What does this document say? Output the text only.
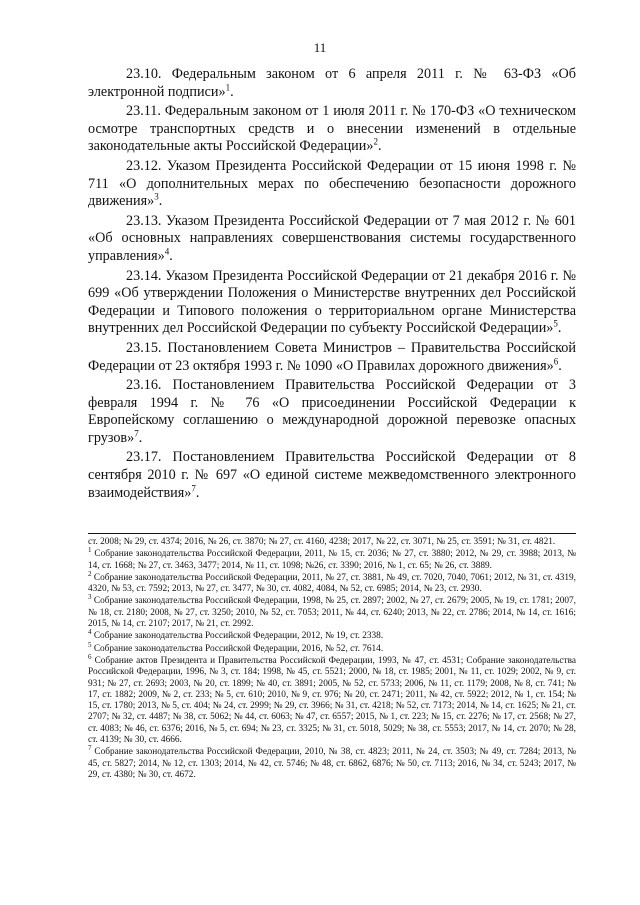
11

23.10. Федеральным законом от 6 апреля 2011 г. № 63-ФЗ «Об электронной подписи»$^1$.

23.11. Федеральным законом от 1 июля 2011 г. № 170-ФЗ «О техническом осмотре транспортных средств и о внесении изменений в отдельные законодательные акты Российской Федерации»$^2$.

23.12. Указом Президента Российской Федерации от 15 июня 1998 г. № 711 «О дополнительных мерах по обеспечению безопасности дорожного движения»$^3$.

23.13. Указом Президента Российской Федерации от 7 мая 2012 г. № 601 «Об основных направлениях совершенствования системы государственного управления»$^4$.

23.14. Указом Президента Российской Федерации от 21 декабря 2016 г. № 699 «Об утверждении Положения о Министерстве внутренних дел Российской Федерации и Типового положения о территориальном органе Министерства внутренних дел Российской Федерации по субъекту Российской Федерации»$^5$.

23.15. Постановлением Совета Министров – Правительства Российской Федерации от 23 октября 1993 г. № 1090 «О Правилах дорожного движения»$^6$.

23.16. Постановлением Правительства Российской Федерации от 3 февраля 1994 г. № 76 «О присоединении Российской Федерации к Европейскому соглашению о международной дорожной перевозке опасных грузов»$^7$.

23.17. Постановлением Правительства Российской Федерации от 8 сентября 2010 г. № 697 «О единой системе межведомственного электронного взаимодействия»$^7$.

ст. 2008; № 29, ст. 4374; 2016, № 26, ст. 3870; № 27, ст. 4160, 4238; 2017, № 22, ст. 3071, № 25, ст. 3591; № 31, ст. 4821.

$^1$ Собрание законодательства Российской Федерации, 2011, № 15, ст. 2036; № 27, ст. 3880; 2012, № 29, ст. 3988; 2013, № 14, ст. 1668; № 27, ст. 3463, 3477; 2014, № 11, ст. 1098; №26, ст. 3390; 2016, № 1, ст. 65; № 26, ст. 3889.

$^2$ Собрание законодательства Российской Федерации, 2011, № 27, ст. 3881, № 49, ст. 7020, 7040, 7061; 2012, № 31, ст. 4319, 4320, № 53, ст. 7592; 2013, № 27, ст. 3477, № 30, ст. 4082, 4084, № 52, ст. 6985; 2014, № 23, ст. 2930.

$^3$ Собрание законодательства Российской Федерации, 1998, № 25, ст. 2897; 2002, № 27, ст. 2679; 2005, № 19, ст. 1781; 2007, № 18, ст. 2180; 2008, № 27, ст. 3250; 2010, № 52, ст. 7053; 2011, № 44, ст. 6240; 2013, № 22, ст. 2786; 2014, № 14, ст. 1616; 2015, № 14, ст. 2107; 2017, № 21, ст. 2992.

$^4$ Собрание законодательства Российской Федерации, 2012, № 19, ст. 2338.

$^5$ Собрание законодательства Российской Федерации, 2016, № 52, ст. 7614.

$^6$ Собрание актов Президента и Правительства Российской Федерации, 1993, № 47, ст. 4531; Собрание законодательства Российской Федерации, 1996, № 3, ст. 184; 1998, № 45, ст. 5521; 2000, № 18, ст. 1985; 2001, № 11, ст. 1029; 2002, № 9, ст. 931; № 27, ст. 2693; 2003, № 20, ст. 1899; № 40, ст. 3891; 2005, № 52, ст. 5733; 2006, № 11, ст. 1179; 2008, № 8, ст. 741; № 17, ст. 1882; 2009, № 2, ст. 233; № 5, ст. 610; 2010, № 9, ст. 976; № 20, ст. 2471; 2011, № 42, ст. 5922; 2012, № 1, ст. 154; № 15, ст. 1780; 2013, № 5, ст. 404; № 24, ст. 2999; № 29, ст. 3966; № 31, ст. 4218; № 52, ст. 7173; 2014, № 14, ст. 1625; № 21, ст. 2707; № 32, ст. 4487; № 38, ст. 5062; № 44, ст. 6063; № 47, ст. 6557; 2015, № 1, ст. 223; № 15, ст. 2276; № 17, ст. 2568; № 27, ст. 4083; № 46, ст. 6376; 2016, № 5, ст. 694; № 23, ст. 3325; № 31, ст. 5018, 5029; № 38, ст. 5553; 2017, № 14, ст. 2070; № 28, ст. 4139; № 30, ст. 4666.

$^7$ Собрание законодательства Российской Федерации, 2010, № 38, ст. 4823; 2011, № 24, ст. 3503; № 49, ст. 7284; 2013, № 45, ст. 5827; 2014, № 12, ст. 1303; 2014, № 42, ст. 5746; № 48, ст. 6862, 6876; № 50, ст. 7113; 2016, № 34, ст. 5243; 2017, № 29, ст. 4380; № 30, ст. 4672.
